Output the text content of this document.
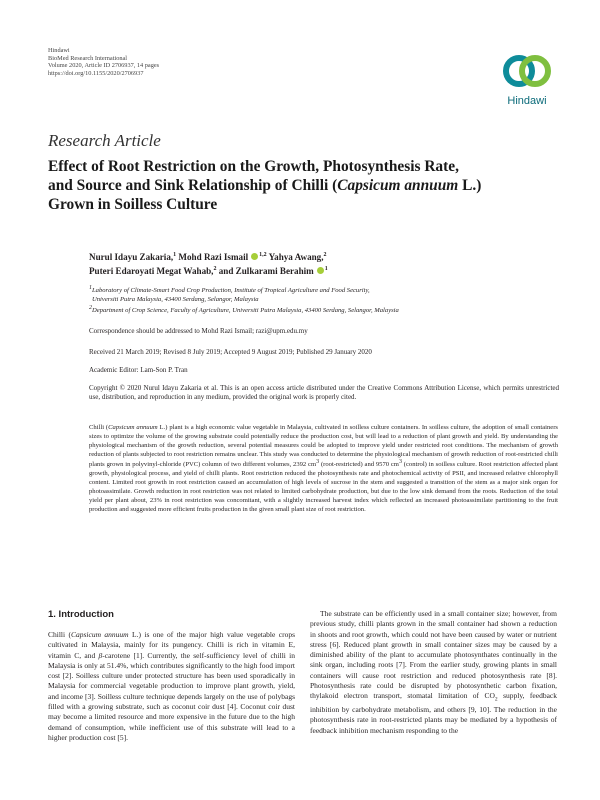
Hindawi
BioMed Research International
Volume 2020, Article ID 2706937, 14 pages
https://doi.org/10.1155/2020/2706937
Hindawi
Research Article
Effect of Root Restriction on the Growth, Photosynthesis Rate,
and Source and Sink Relationship of Chilli (Capsicum annuum L.)
Grown in Soilless Culture
Nurul Idayu Zakaria,$^1$ Mohd Razi Ismail $^{1,2}$ Yahya Awang,$^2$
Puteri Edaroyati Megat Wahab,$^2$ and Zulkarami Berahim $^1$
$^1$Laboratory of Climate-Smart Food Crop Production, Institute of Tropical Agriculture and Food Security,
Universiti Putra Malaysia, 43400 Serdang, Selangor, Malaysia
$^2$Department of Crop Science, Faculty of Agriculture, Universiti Putra Malaysia, 43400 Serdang, Selangor, Malaysia
Correspondence should be addressed to Mohd Razi Ismail; razi@upm.edu.my
Received 21 March 2019; Revised 8 July 2019; Accepted 9 August 2019; Published 29 January 2020
Academic Editor: Lam-Son P. Tran
Copyright © 2020 Nurul Idayu Zakaria et al. This is an open access article distributed under the Creative Commons Attribution License, which permits unrestricted use, distribution, and reproduction in any medium, provided the original work is properly cited.
Chilli (Capsicum annuum L.) plant is a high economic value vegetable in Malaysia, cultivated in soilless culture containers. In soilless culture, the adoption of small containers sizes to optimize the volume of the growing substrate could potentially reduce the production cost, but will lead to a reduction of plant growth and yield. By understanding the physiological mechanism of the growth reduction, several potential measures could be adopted to improve yield under restricted root conditions. The mechanism of growth reduction of plants subjected to root restriction remains unclear. This study was conducted to determine the physiological mechanism of growth reduction of root-restricted chilli plants grown in polyvinyl-chloride (PVC) column of two different volumes, 2392 $cm^3$ (root-restricted) and 9570 $cm^3$ (control) in soilless culture. Root restriction affected plant growth, physiological process, and yield of chilli plants. Root restriction reduced the photosynthesis rate and photochemical activity of PSII, and increased relative chlorophyll content. Limited root growth in root restriction caused an accumulation of high levels of sucrose in the stem and suggested a transition of the stem as a major sink organ for photoassimilate. Growth reduction in root restriction was not related to limited carbohydrate production, but due to the low sink demand from the roots. Reduction of the total yield per plant about, 23% in root restriction was concomitant, with a slightly increased harvest index which reflected an increased photoassimilate partitioning to the fruit production and suggested more efficient fruits production in the given small plant size of root restriction.
1. Introduction
Chilli (Capsicum annuum L.) is one of the major high value vegetable crops cultivated in Malaysia, mainly for its pungency. Chilli is rich in vitamin E, vitamin C, and β-carotene [1]. Currently, the self-sufficiency level of chilli in Malaysia is only at 51.4%, which contributes significantly to the high food import cost [2]. Soilless culture under protected structure has been used sporadically in Malaysia for commercial vegetable production to improve plant growth, yield, and income [3]. Soilless culture technique depends largely on the use of polybags filled with a growing substrate, such as coconut coir dust [4]. Coconut coir dust may become a limited resource and more expensive in the future due to the high demand of consumption, while inefficient use of this substrate will lead to a higher production cost [5].
The substrate can be efficiently used in a small container size; however, from previous study, chilli plants grown in the small container had shown a reduction in shoots and root growth, which could not have been caused by water or nutrient stress [6]. Reduced plant growth in small container sizes may be caused by a diminished ability of the plant to accumulate photosynthates continually in the sink organ, including roots [7]. From the earlier study, growing plants in small containers will cause root restriction and reduced photosynthesis rate [8]. Photosynthesis rate could be disrupted by photosynthetic carbon fixation, thylakoid electron transport, stomatal limitation of $CO_2$ supply, feedback inhibition by carbohydrate metabolism, and others [9, 10]. The reduction in the photosynthesis rate in root-restricted plants may be mediated by a hypothesis of feedback inhibition mechanism responding to the
